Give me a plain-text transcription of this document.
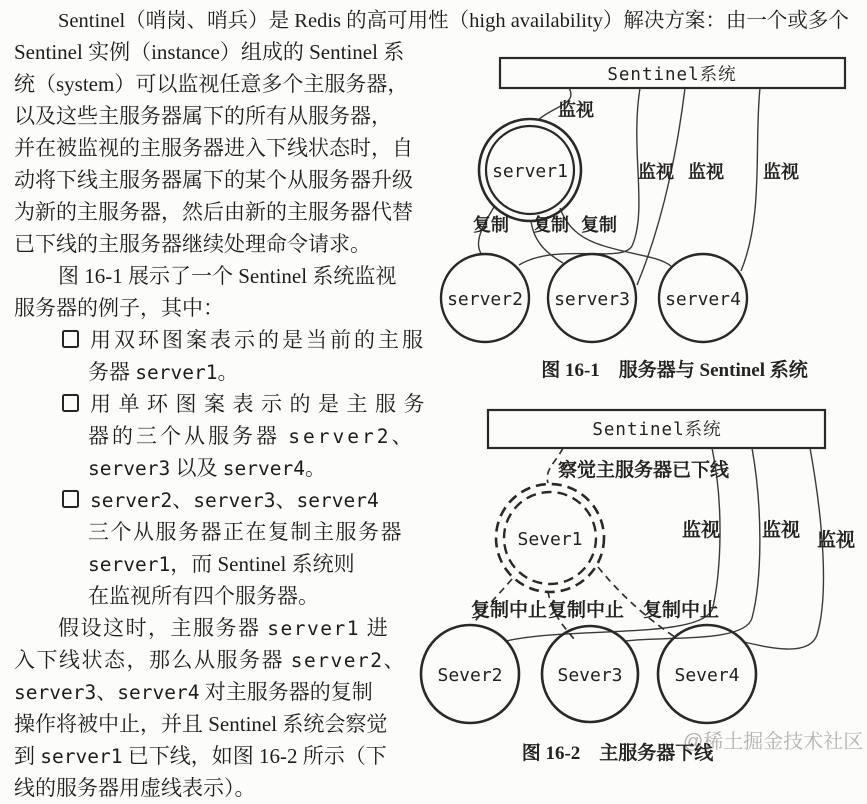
Sentinel（哨岗、哨兵）是 Redis 的高可用性（high availability）解决方案：由一个或多个
Sentinel 实例（instance）组成的 Sentinel 系
统（system）可以监视任意多个主服务器，
以及这些主服务器属下的所有从服务器，
并在被监视的主服务器进入下线状态时，自
动将下线主服务器属下的某个从服务器升级
为新的主服务器，然后由新的主服务器代替
已下线的主服务器继续处理命令请求。
图 16-1 展示了一个 Sentinel 系统监视
服务器的例子，其中：
用双环图案表示的是当前的主服
务器 server1。
用单环图案表示的是主服务
器的三个从服务器 server2、
server3 以及 server4。
server2、server3、server4
三个从服务器正在复制主服务器
server1，而 Sentinel 系统则
在监视所有四个服务器。
假设这时，主服务器 server1 进
入下线状态，那么从服务器 server2、
server3、server4 对主服务器的复制
操作将被中止，并且 Sentinel 系统会察觉
到 server1 已下线，如图 16-2 所示（下
线的服务器用虚线表示）。
Sentinel系统
server1
server2 server3 server4
监视
监视 监视 监视
复制 复制 复制
图 16-1　服务器与 Sentinel 系统
Sentinel系统
察觉主服务器已下线
Sever1
Sever2	Sever3	Sever4
监视 监视 监视
复制中止 复制中止 复制中止
@稀土掘金技术社区
图 16-2　主服务器下线
